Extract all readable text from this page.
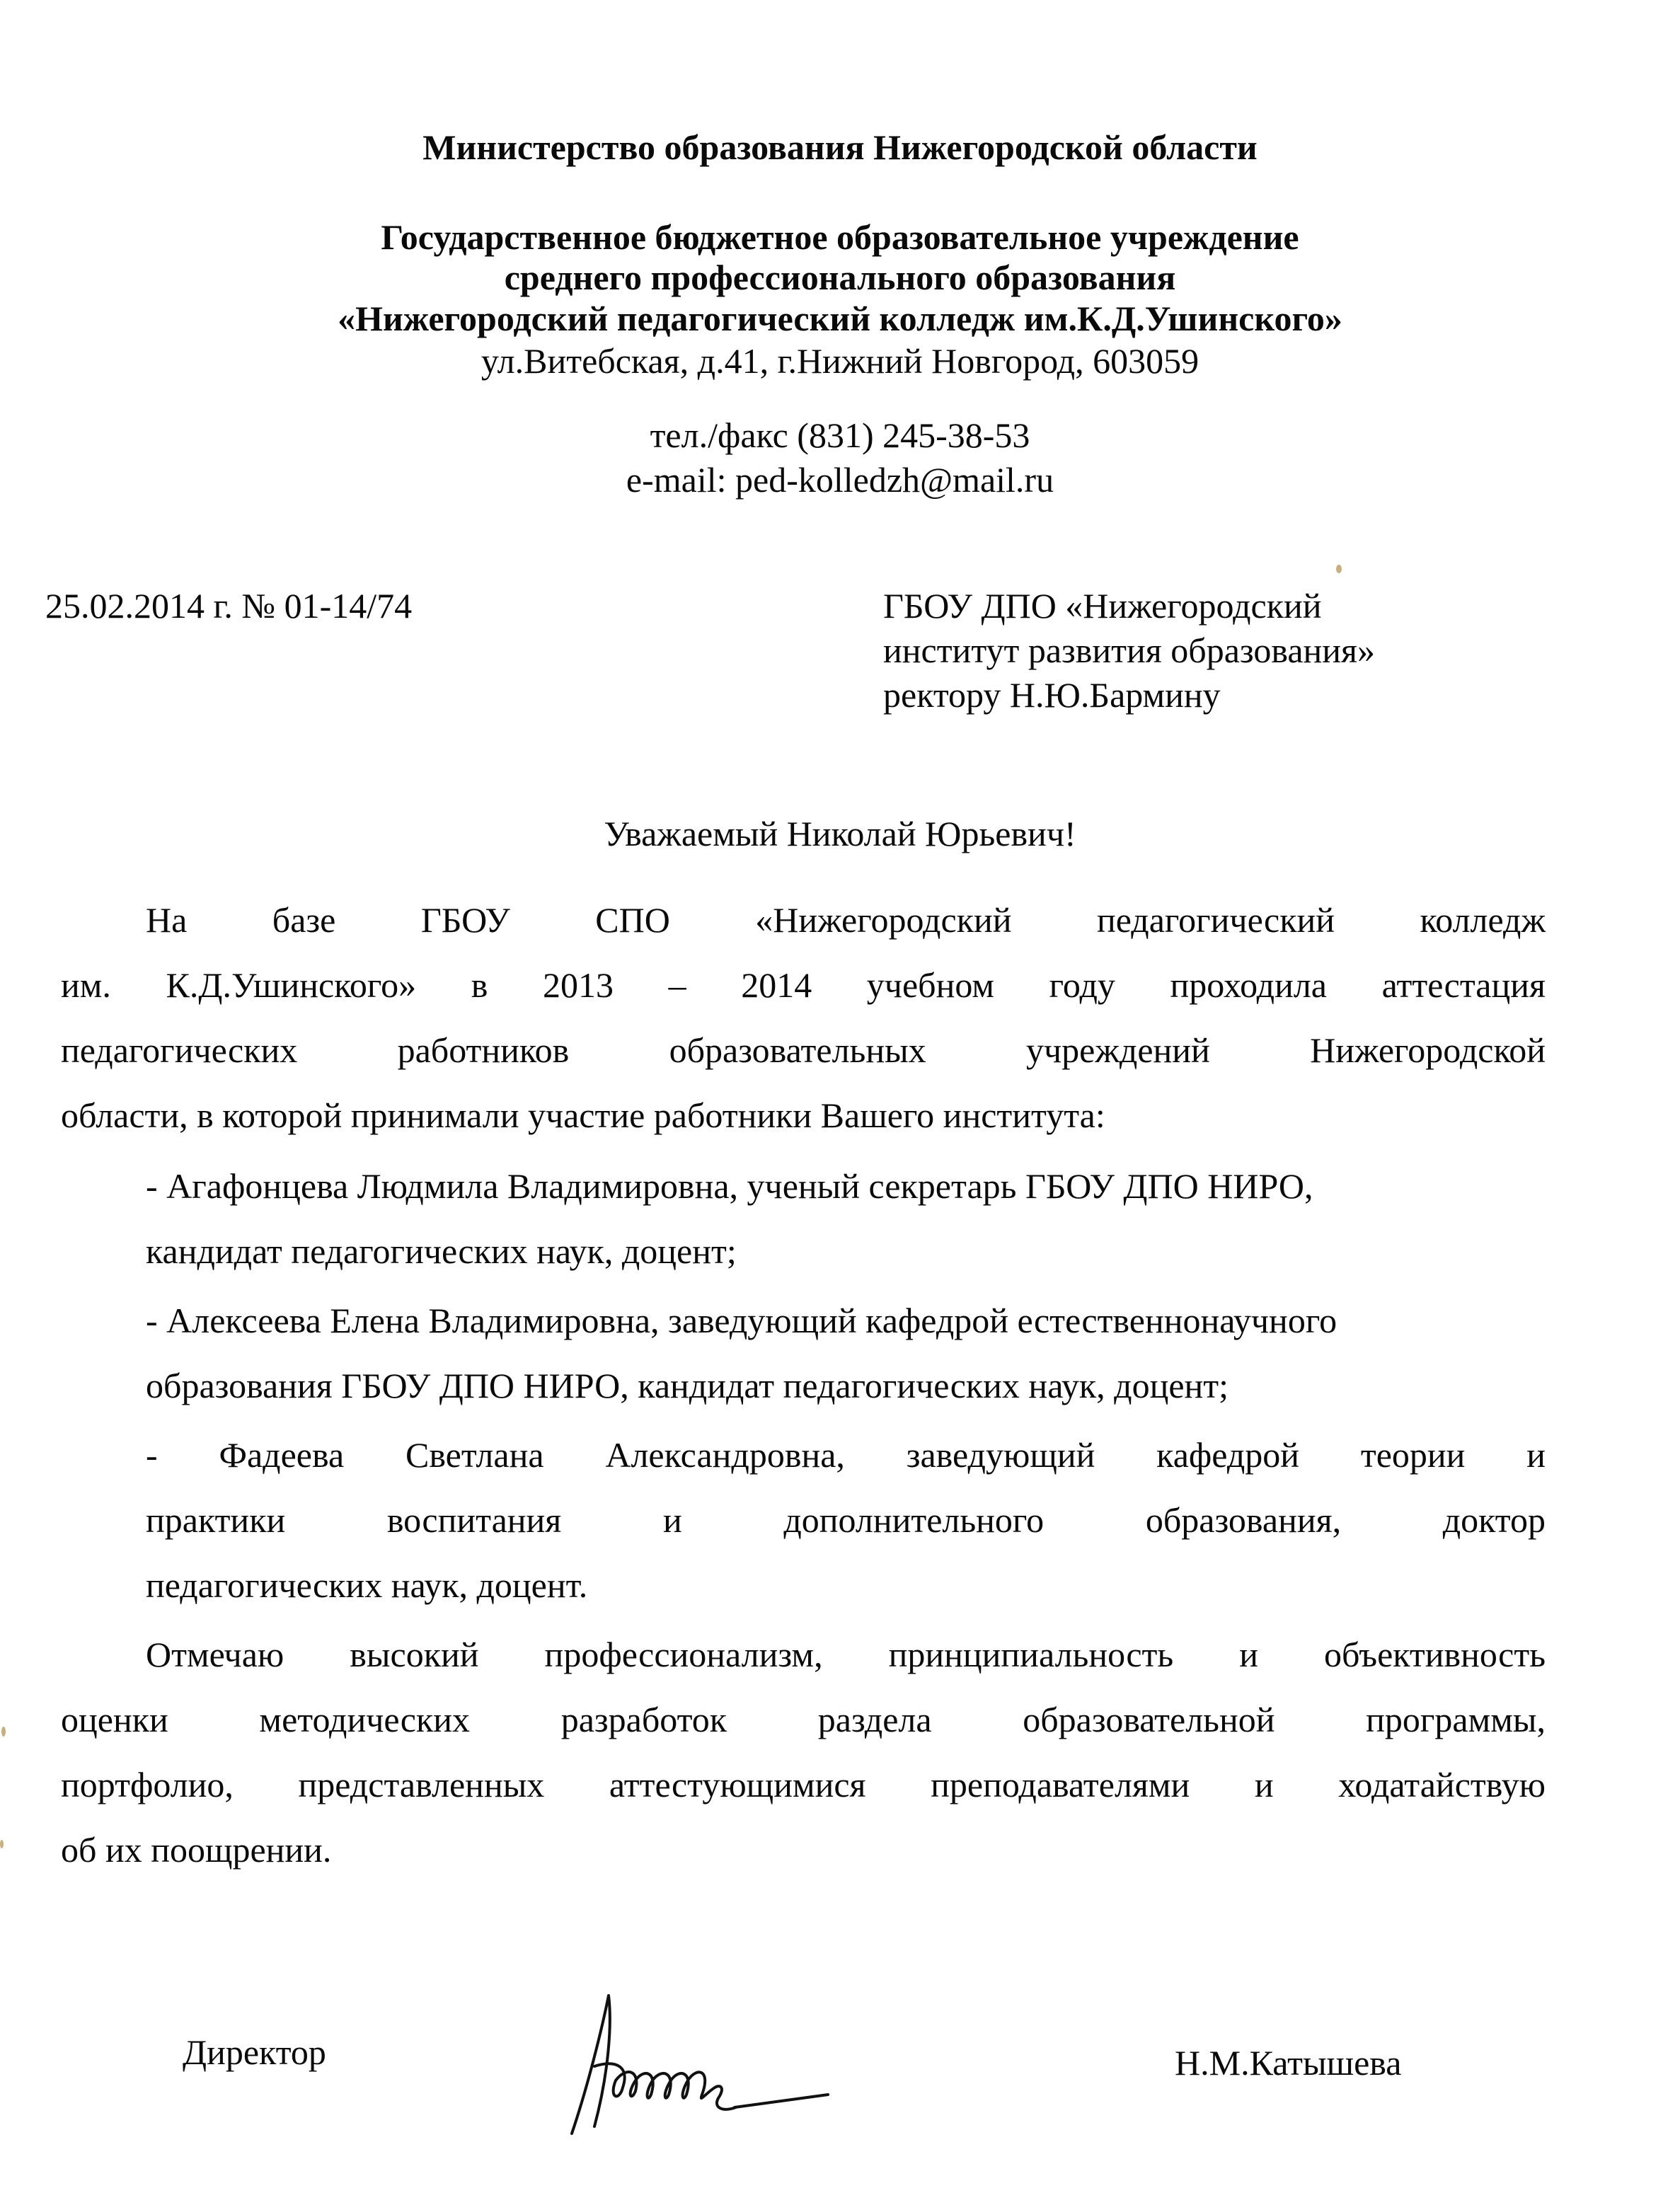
Министерство образования Нижегородской области
Государственное бюджетное образовательное учреждение
среднего профессионального образования
«Нижегородский педагогический колледж им.К.Д.Ушинского»
ул.Витебская, д.41, г.Нижний Новгород, 603059
тел./факс (831) 245-38-53
e-mail: ped-kolledzh@mail.ru
25.02.2014 г. № 01-14/74	ГБОУ ДПО «Нижегородский
институт развития образования»
ректору Н.Ю.Бармину
Уважаемый Николай Юрьевич!
На базе ГБОУ СПО «Нижегородский педагогический колледж
им. К.Д.Ушинского» в 2013 – 2014 учебном году проходила аттестация
педагогических работников образовательных учреждений Нижегородской
области, в которой принимали участие работники Вашего института:
- Агафонцева Людмила Владимировна, ученый секретарь ГБОУ ДПО НИРО,
кандидат педагогических наук, доцент;
- Алексеева Елена Владимировна, заведующий кафедрой естественнонаучного
образования ГБОУ ДПО НИРО, кандидат педагогических наук, доцент;
- Фадеева Светлана Александровна, заведующий кафедрой теории и
практики воспитания и дополнительного образования, доктор
педагогических наук, доцент.
Отмечаю высокий профессионализм, принципиальность и объективность
оценки методических разработок раздела образовательной программы,
портфолио, представленных аттестующимися преподавателями и ходатайствую
об их поощрении.
Директор	Н.М.Катышева
